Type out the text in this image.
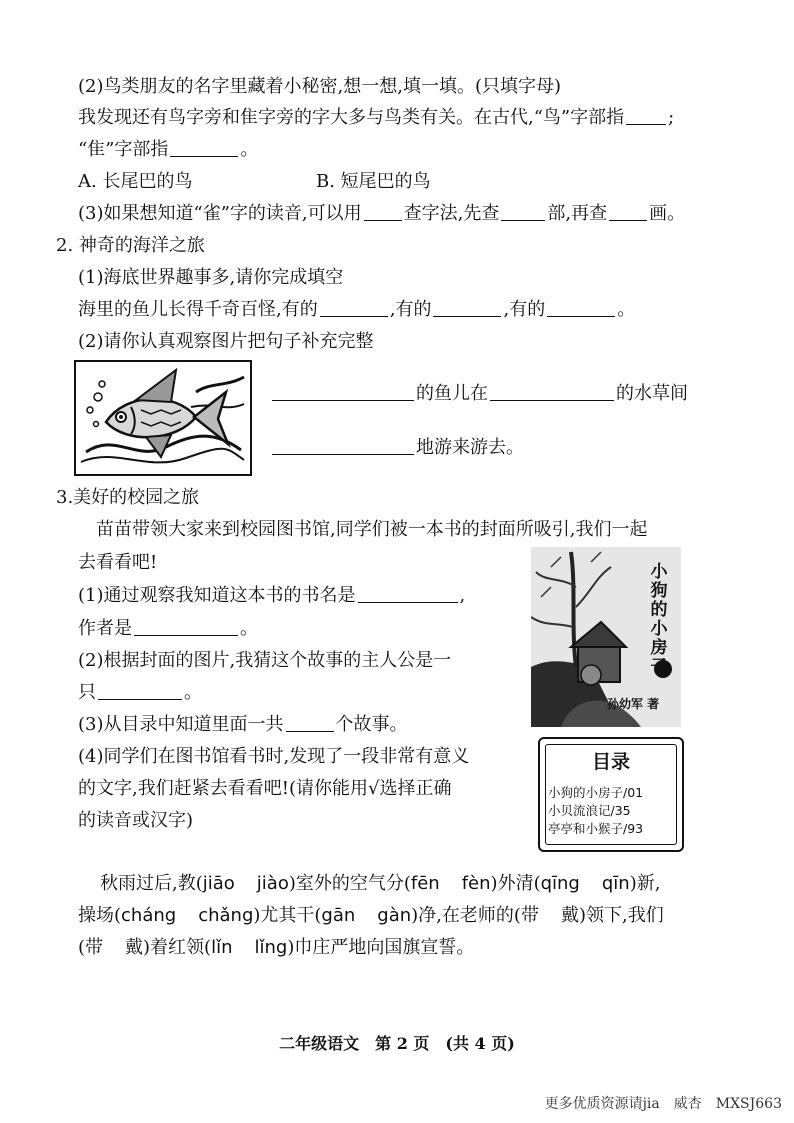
(2)鸟类朋友的名字里藏着小秘密,想一想,填一填。(只填字母)
我发现还有鸟字旁和隹字旁的字大多与鸟类有关。在古代,“鸟”字部指 ;
“隹”字部指	。
A. 长尾巴的鸟	B. 短尾巴的鸟
(3)如果想知道“雀”字的读音,可以用 查字法,先查	部,再查 画。
2. 神奇的海洋之旅
(1)海底世界趣事多,请你完成填空
海里的鱼儿长得千奇百怪,有的	,有的	,有的	。
(2)请你认真观察图片把句子补充完整
的鱼儿在	的水草间
地游来游去。
3.美好的校园之旅
苗苗带领大家来到校园图书馆,同学们被一本书的封面所吸引,我们一起
去看看吧!
(1)通过观察我知道这本书的书名是	,
作者是	。
(2)根据封面的图片,我猜这个故事的主人公是一
只	。
(3)从目录中知道里面一共	个故事。
(4)同学们在图书馆看书时,发现了一段非常有意义
的文字,我们赶紧去看看吧!(请你能用√选择正确
的读音或汉字)
小
狗
的
小
房
子
孙幼军 著
目录
小狗的小房子/01
小贝流浪记/35
亭亭和小猴子/93
秋雨过后,教(jiāo jiào)室外的空气分(fēn fèn)外清(qīng qīn)新,
操场(cháng chǎng)尤其干(gān gàn)净,在老师的(带 戴)领下,我们
(带 戴)着红领(lǐn lǐng)巾庄严地向国旗宣誓。
二年级语文　第 2 页　(共 4 页)
更多优质资源请jia　威杏　MXSJ663
